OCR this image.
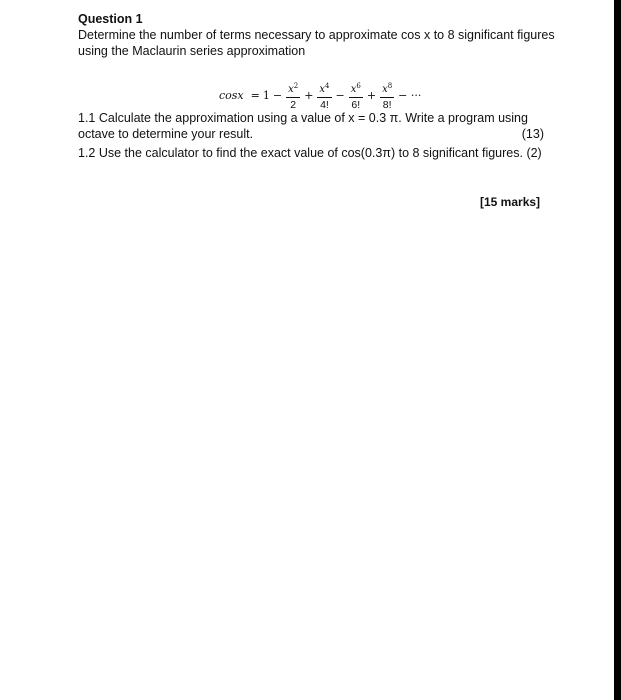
Question 1
Determine the number of terms necessary to approximate cos x to 8 significant figures
using the Maclaurin series approximation
$\cos x = 1 - \frac{x^2}{2} + \frac{x^4}{4!} - \frac{x^6}{6!} + \frac{x^8}{8!}$ − ···
1.1 Calculate the approximation using a value of x = 0.3 π. Write a program using
octave to determine your result.	(13)
1.2 Use the calculator to find the exact value of cos(0.3π) to 8 significant figures. (2)
[15 marks]
